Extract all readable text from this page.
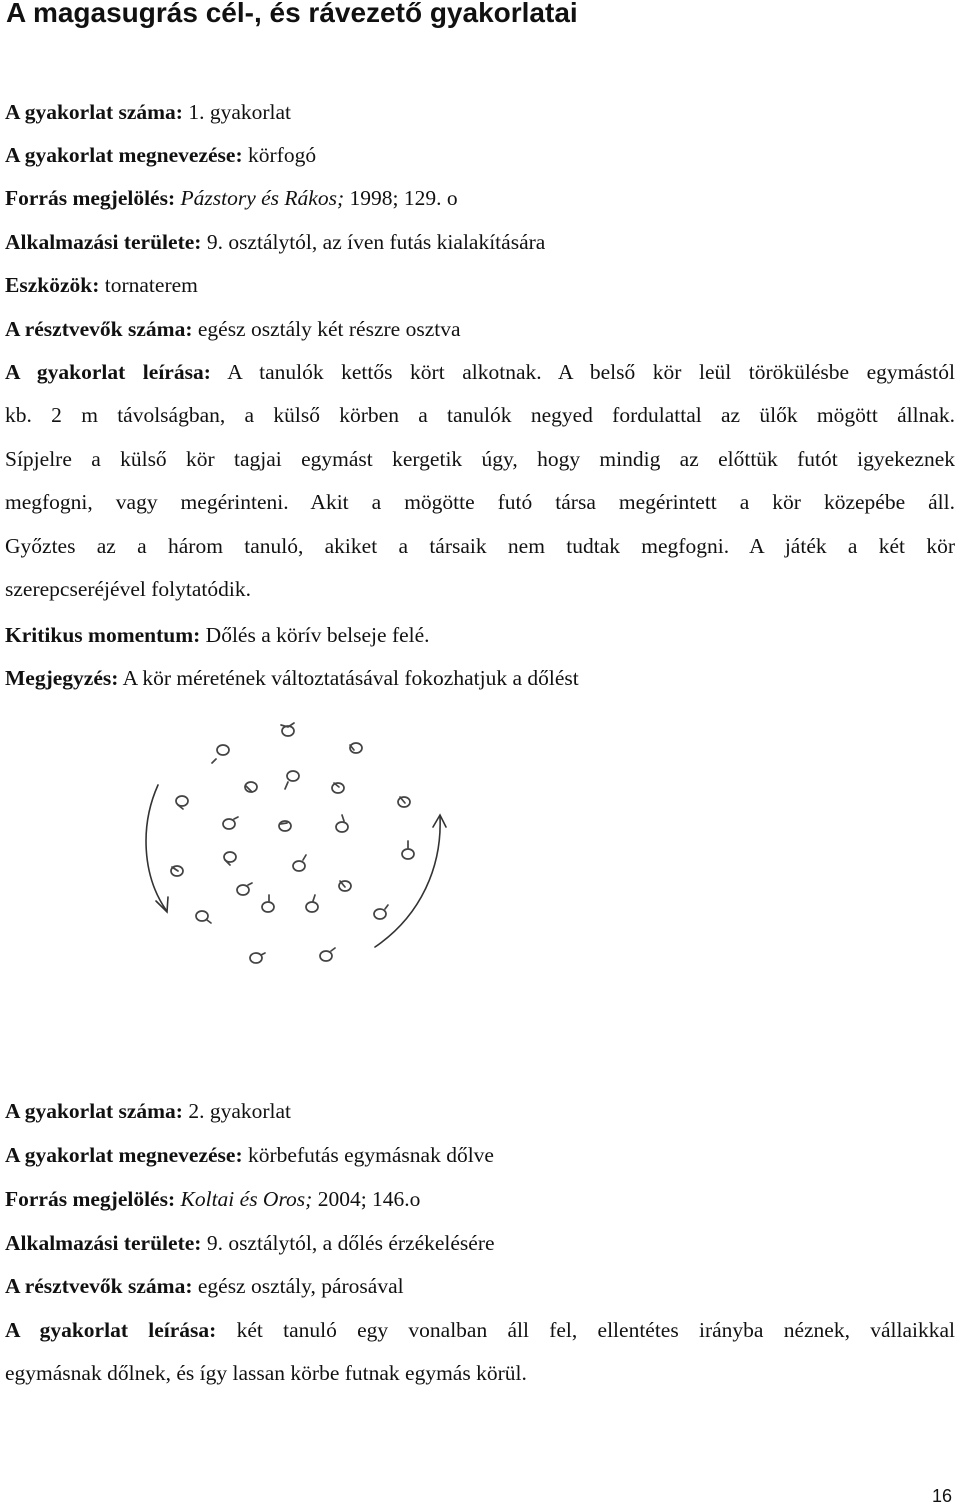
A magasugrás cél-, és rávezető gyakorlatai
A gyakorlat száma: 1. gyakorlat
A gyakorlat megnevezése: körfogó
Forrás megjelölés: Pázstory és Rákos; 1998; 129. o
Alkalmazási területe: 9. osztálytól, az íven futás kialakítására
Eszközök: tornaterem
A résztvevők száma: egész osztály két részre osztva
A gyakorlat leírása: A tanulók kettős kört alkotnak. A belső kör leül törökülésbe egymástól
kb. 2 m távolságban, a külső körben a tanulók negyed fordulattal az ülők mögött állnak.
Sípjelre a külső kör tagjai egymást kergetik úgy, hogy mindig az előttük futót igyekeznek
megfogni, vagy megérinteni. Akit a mögötte futó társa megérintett a kör közepébe áll.
Győztes az a három tanuló, akiket a társaik nem tudtak megfogni. A játék a két kör
szerepcseréjével folytatódik.
Kritikus momentum: Dőlés a körív belseje felé.
Megjegyzés: A kör méretének változtatásával fokozhatjuk a dőlést
A gyakorlat száma: 2. gyakorlat
A gyakorlat megnevezése: körbefutás egymásnak dőlve
Forrás megjelölés: Koltai és Oros; 2004; 146.o
Alkalmazási területe: 9. osztálytól, a dőlés érzékelésére
A résztvevők száma: egész osztály, párosával
A gyakorlat leírása: két tanuló egy vonalban áll fel, ellentétes irányba néznek, vállaikkal
egymásnak dőlnek, és így lassan körbe futnak egymás körül.
16
